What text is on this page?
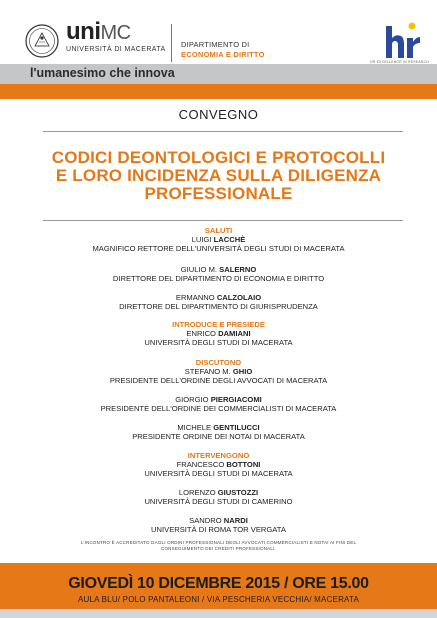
uniMC
UNIVERSITÀ DI MACERATA
DIPARTIMENTO DI
ECONOMIA E DIRITTO
HR EXCELLENCE IN RESEARCH
l'umanesimo che innova
CONVEGNO
CODICI DEONTOLOGICI E PROTOCOLLI
E LORO INCIDENZA SULLA DILIGENZA
PROFESSIONALE
SALUTI
LUIGI LACCHÈ
MAGNIFICO RETTORE DELL'UNIVERSITÀ DEGLI STUDI DI MACERATA
GIULIO M. SALERNO
DIRETTORE DEL DIPARTIMENTO DI ECONOMIA E DIRITTO
ERMANNO CALZOLAIO
DIRETTORE DEL DIPARTIMENTO DI GIURISPRUDENZA
INTRODUCE E PRESIEDE
ENRICO DAMIANI
UNIVERSITÀ DEGLI STUDI DI MACERATA
DISCUTONO
STEFANO M. GHIO
PRESIDENTE DELL'ORDINE DEGLI AVVOCATI DI MACERATA
GIORGIO PIERGIACOMI
PRESIDENTE DELL'ORDINE DEI COMMERCIALISTI DI MACERATA
MICHELE GENTILUCCI
PRESIDENTE ORDINE DEI NOTAI DI MACERATA
INTERVENGONO
FRANCESCO BOTTONI
UNIVERSITÀ DEGLI STUDI DI MACERATA
LORENZO GIUSTOZZI
UNIVERSITÀ DEGLI STUDI DI CAMERINO
SANDRO NARDI
UNIVERSITÀ DI ROMA TOR VERGATA
L'INCONTRO È ACCREDITATO DAGLI ORDINI PROFESSIONALI DEGLI AVVOCATI,COMMERCIALISTI E NOTAI AI FINI DEL
CONSEGUIMENTO DEI CREDITI PROFESSIONALI.
GIOVEDÌ 10 DICEMBRE 2015 / ORE 15.00
AULA BLU/ POLO PANTALEONI / VIA PESCHERIA VECCHIA/ MACERATA
